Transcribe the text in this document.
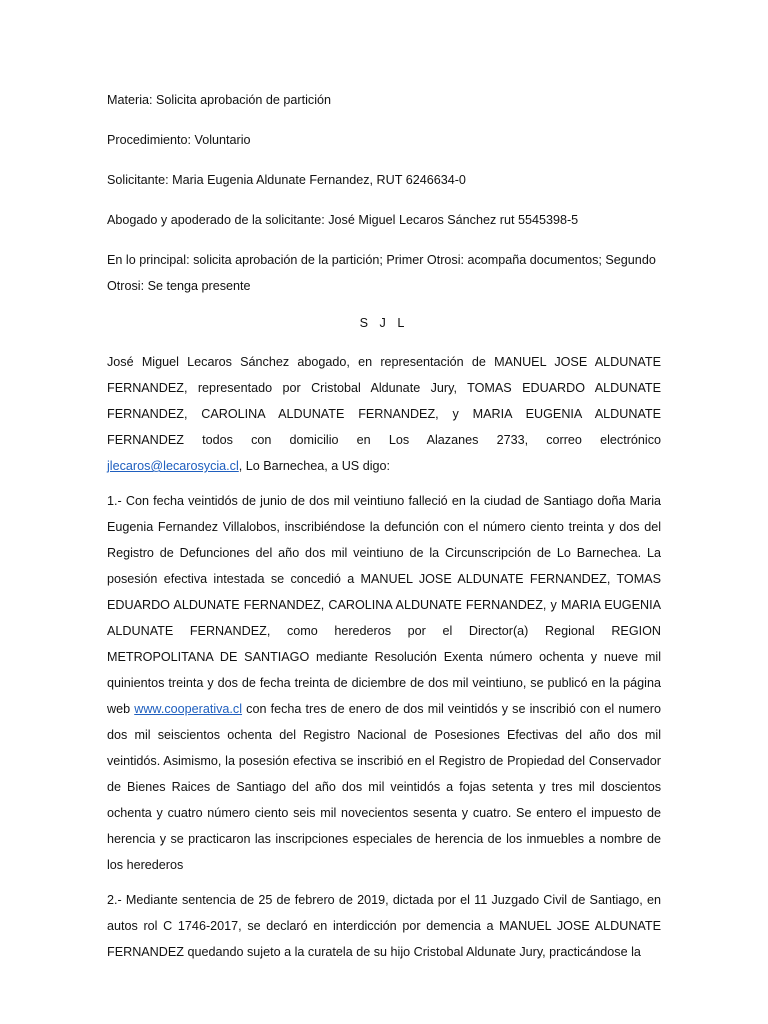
Materia: Solicita aprobación de partición

Procedimiento: Voluntario

Solicitante: Maria Eugenia Aldunate Fernandez, RUT 6246634-0

Abogado y apoderado de la solicitante: José Miguel Lecaros Sánchez rut 5545398-5

En lo principal: solicita aprobación de la partición; Primer Otrosi: acompaña documentos; Segundo Otrosi: Se tenga presente

S J L

José Miguel Lecaros Sánchez abogado, en representación de MANUEL JOSE ALDUNATE FERNANDEZ, representado por Cristobal Aldunate Jury, TOMAS EDUARDO ALDUNATE FERNANDEZ, CAROLINA ALDUNATE FERNANDEZ, y MARIA EUGENIA ALDUNATE FERNANDEZ todos con domicilio en Los Alazanes 2733, correo electrónico jlecaros@lecarosycia.cl, Lo Barnechea, a US digo:

1.- Con fecha veintidós de junio de dos mil veintiuno falleció en la ciudad de Santiago doña Maria Eugenia Fernandez Villalobos, inscribiéndose la defunción con el número ciento treinta y dos del Registro de Defunciones del año dos mil veintiuno de la Circunscripción de Lo Barnechea. La posesión efectiva intestada se concedió a MANUEL JOSE ALDUNATE FERNANDEZ, TOMAS EDUARDO ALDUNATE FERNANDEZ, CAROLINA ALDUNATE FERNANDEZ, y MARIA EUGENIA ALDUNATE FERNANDEZ, como herederos por el Director(a) Regional REGION METROPOLITANA DE SANTIAGO mediante Resolución Exenta número ochenta y nueve mil quinientos treinta y dos de fecha treinta de diciembre de dos mil veintiuno, se publicó en la página web www.cooperativa.cl con fecha tres de enero de dos mil veintidós y se inscribió con el numero dos mil seiscientos ochenta del Registro Nacional de Posesiones Efectivas del año dos mil veintidós. Asimismo, la posesión efectiva se inscribió en el Registro de Propiedad del Conservador de Bienes Raices de Santiago del año dos mil veintidós a fojas setenta y tres mil doscientos ochenta y cuatro número ciento seis mil novecientos sesenta y cuatro. Se entero el impuesto de herencia y se practicaron las inscripciones especiales de herencia de los inmuebles a nombre de los herederos

2.- Mediante sentencia de 25 de febrero de 2019, dictada por el 11 Juzgado Civil de Santiago, en autos rol C 1746-2017, se declaró en interdicción por demencia a MANUEL JOSE ALDUNATE FERNANDEZ quedando sujeto a la curatela de su hijo Cristobal Aldunate Jury, practicándose la
